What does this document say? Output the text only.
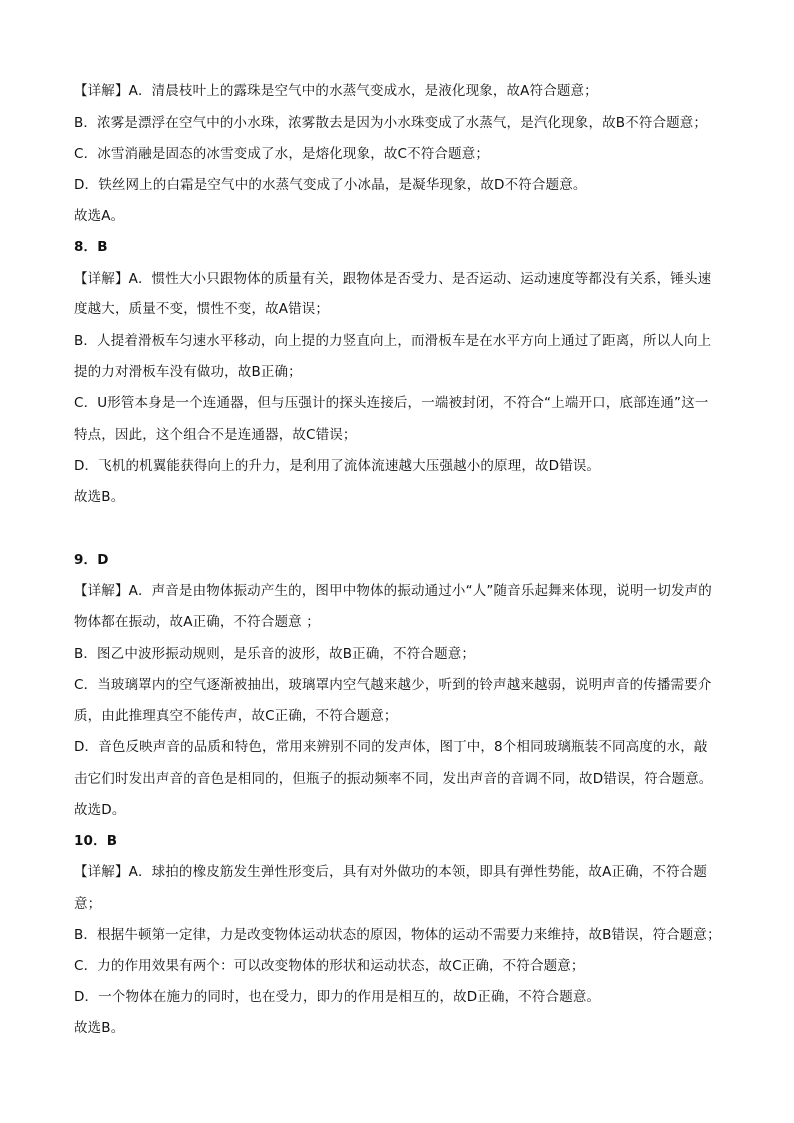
【详解】A．清晨枝叶上的露珠是空气中的水蒸气变成水，是液化现象，故A符合题意；
B．浓雾是漂浮在空气中的小水珠，浓雾散去是因为小水珠变成了水蒸气，是汽化现象，故B不符合题意；
C．冰雪消融是固态的冰雪变成了水，是熔化现象，故C不符合题意；
D．铁丝网上的白霜是空气中的水蒸气变成了小冰晶，是凝华现象，故D不符合题意。
故选A。
8．B
【详解】A．惯性大小只跟物体的质量有关，跟物体是否受力、是否运动、运动速度等都没有关系，锤头速
度越大，质量不变，惯性不变，故A错误；
B．人提着滑板车匀速水平移动，向上提的力竖直向上，而滑板车是在水平方向上通过了距离，所以人向上
提的力对滑板车没有做功，故B正确；
C．U形管本身是一个连通器，但与压强计的探头连接后，一端被封闭，不符合“上端开口，底部连通”这一
特点，因此，这个组合不是连通器，故C错误；
D．飞机的机翼能获得向上的升力，是利用了流体流速越大压强越小的原理，故D错误。
故选B。
9．D
【详解】A．声音是由物体振动产生的，图甲中物体的振动通过小“人”随音乐起舞来体现，说明一切发声的
物体都在振动，故A正确，不符合题意 ；
B．图乙中波形振动规则，是乐音的波形，故B正确，不符合题意；
C．当玻璃罩内的空气逐渐被抽出，玻璃罩内空气越来越少，听到的铃声越来越弱，说明声音的传播需要介
质，由此推理真空不能传声，故C正确，不符合题意；
D．音色反映声音的品质和特色，常用来辨别不同的发声体，图丁中，8个相同玻璃瓶装不同高度的水，敲
击它们时发出声音的音色是相同的，但瓶子的振动频率不同，发出声音的音调不同，故D错误，符合题意。
故选D。
10．B
【详解】A．球拍的橡皮筋发生弹性形变后，具有对外做功的本领，即具有弹性势能，故A正确，不符合题
意；
B．根据牛顿第一定律，力是改变物体运动状态的原因，物体的运动不需要力来维持，故B错误，符合题意；
C．力的作用效果有两个：可以改变物体的形状和运动状态，故C正确，不符合题意；
D．一个物体在施力的同时，也在受力，即力的作用是相互的，故D正确，不符合题意。
故选B。
